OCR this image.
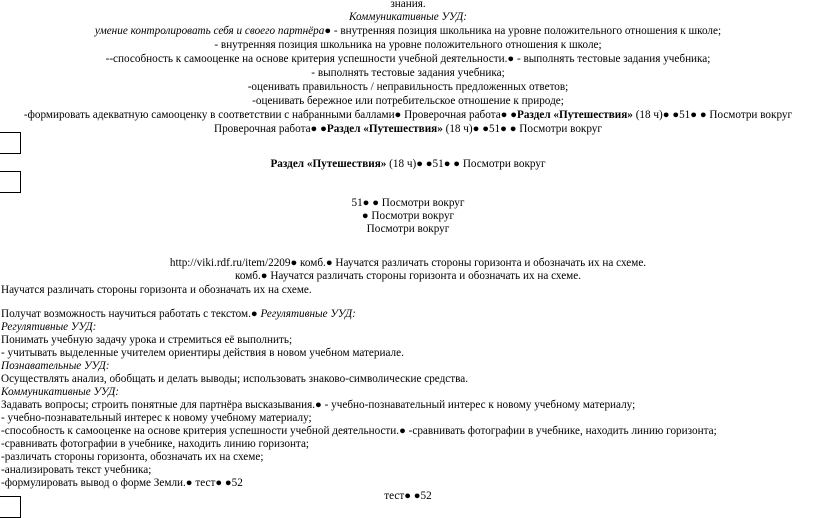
знания.
Коммуникативные УУД:
умение контролировать себя и своего партнёра● - внутренняя позиция школьника на уровне положительного отношения к школе;
- внутренняя позиция школьника на уровне положительного отношения к школе;
--способность к самооценке на основе критерия успешности учебной деятельности.● - выполнять тестовые задания учебника;
- выполнять тестовые задания учебника;
-оценивать правильность / неправильность предложенных ответов;
-оценивать бережное или потребительское отношение к природе;
-формировать адекватную самооценку в соответствии с набранными баллами● Проверочная работа● ●Раздел «Путешествия» (18 ч)● ●51● ● Посмотри вокруг
Проверочная работа● ●Раздел «Путешествия» (18 ч)● ●51● ● Посмотри вокруг
Раздел «Путешествия» (18 ч)● ●51● ● Посмотри вокруг
51● ● Посмотри вокруг
● Посмотри вокруг
Посмотри вокруг
http://viki.rdf.ru/item/2209● комб.● Научатся различать стороны горизонта и обозначать их на схеме.
комб.● Научатся различать стороны горизонта и обозначать их на схеме.
Научатся различать стороны горизонта и обозначать их на схеме.
Получат возможность научиться работать с текстом.● Регулятивные УУД:
Регулятивные УУД:
Понимать учебную задачу урока и стремиться её выполнить;
- учитывать выделенные учителем ориентиры действия в новом учебном материале.
Познавательные УУД:
Осуществлять анализ, обобщать и делать выводы; использовать знаково-символические средства.
Коммуникативные УУД:
Задавать вопросы; строить понятные для партнёра высказывания.● - учебно-познавательный интерес к новому учебному материалу;
- учебно-познавательный интерес к новому учебному материалу;
-способность к самооценке на основе критерия успешности учебной деятельности.● -сравнивать фотографии в учебнике, находить линию горизонта;
-сравнивать фотографии в учебнике, находить линию горизонта;
-различать стороны горизонта, обозначать их на схеме;
-анализировать текст учебника;
-формулировать вывод о форме Земли.● тест● ●52
тест● ●52
